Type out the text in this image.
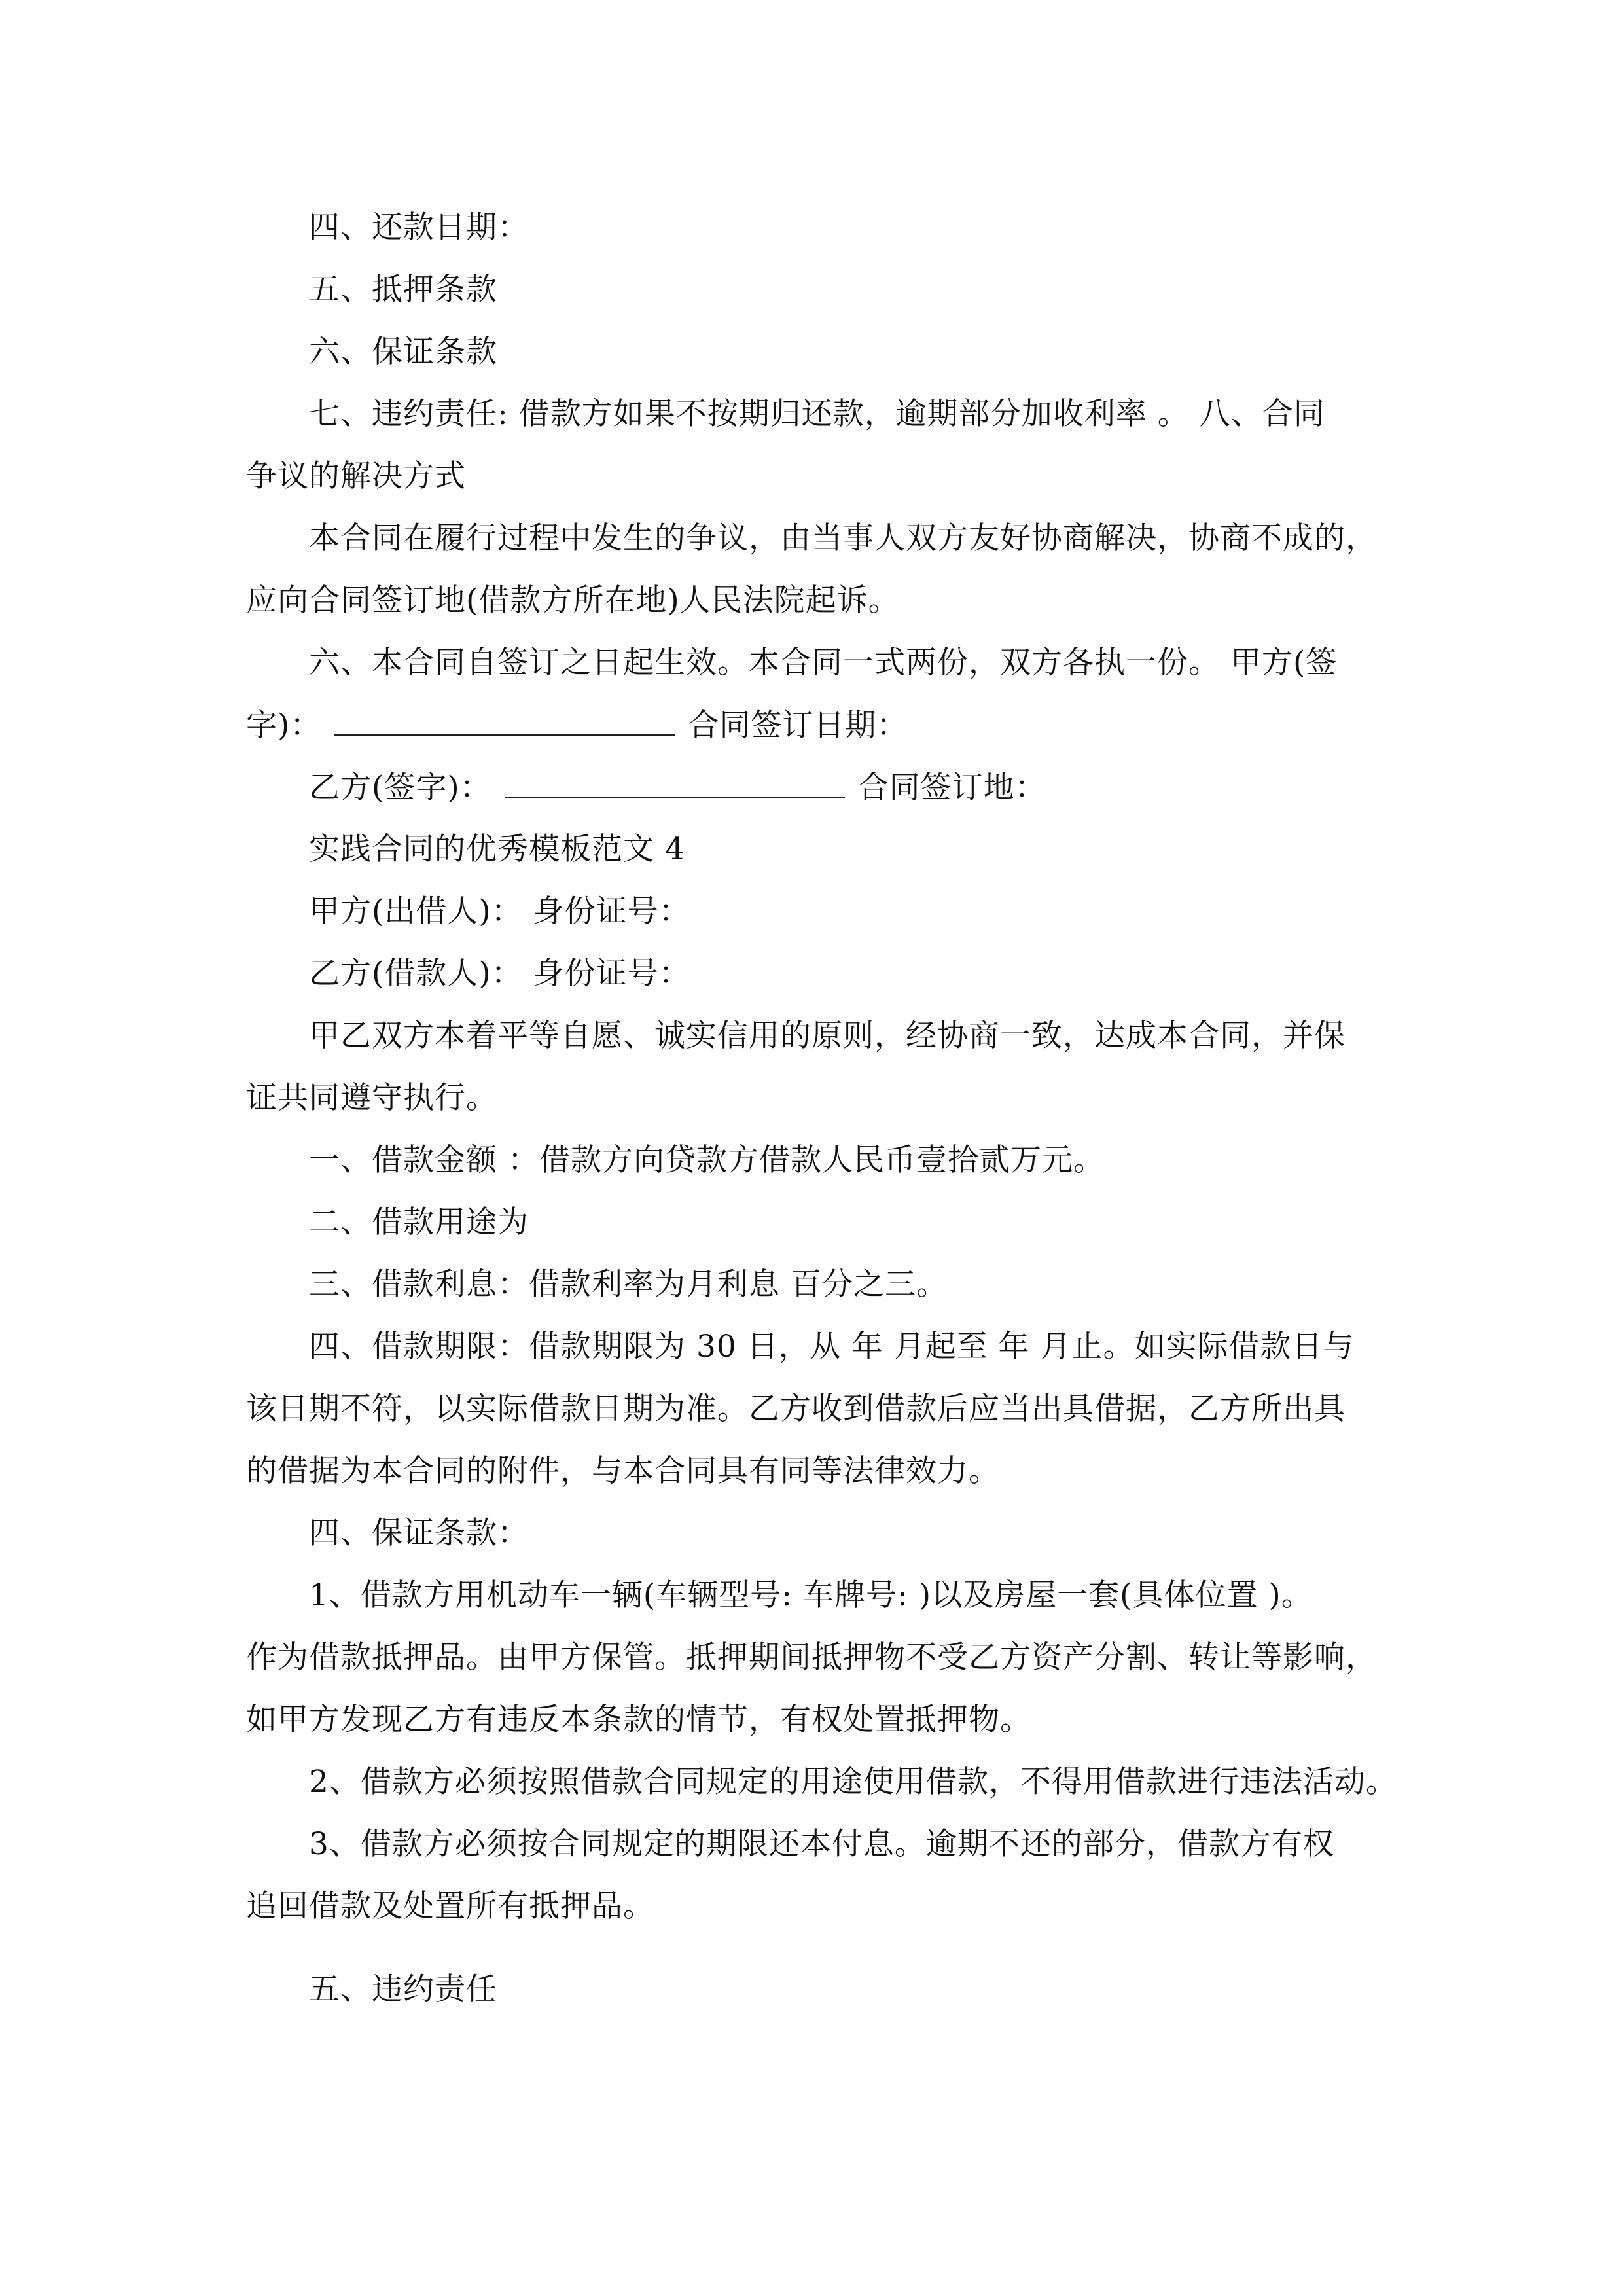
四、还款日期：
五、抵押条款
六、保证条款
七、违约责任: 借款方如果不按期归还款，逾期部分加收利率 。 八、合同
争议的解决方式
本合同在履行过程中发生的争议，由当事人双方友好协商解决，协商不成的，
应向合同签订地(借款方所在地)人民法院起诉。
六、本合同自签订之日起生效。本合同一式两份，双方各执一份。 甲方(签
字)：	合同签订日期：
乙方(签字)：	合同签订地：
实践合同的优秀模板范文 4
甲方(出借人)： 身份证号：
乙方(借款人)： 身份证号：
甲乙双方本着平等自愿、诚实信用的原则，经协商一致，达成本合同，并保
证共同遵守执行。
一、借款金额 ：借款方向贷款方借款人民币壹拾贰万元。
二、借款用途为
三、借款利息：借款利率为月利息 百分之三。
四、借款期限：借款期限为 30 日，从 年 月起至 年 月止。如实际借款日与
该日期不符，以实际借款日期为准。乙方收到借款后应当出具借据，乙方所出具
的借据为本合同的附件，与本合同具有同等法律效力。
四、保证条款：
1、借款方用机动车一辆(车辆型号: 车牌号: )以及房屋一套(具体位置 )。
作为借款抵押品。由甲方保管。抵押期间抵押物不受乙方资产分割、转让等影响，
如甲方发现乙方有违反本条款的情节，有权处置抵押物。
2、借款方必须按照借款合同规定的用途使用借款，不得用借款进行违法活动。
3、借款方必须按合同规定的期限还本付息。逾期不还的部分，借款方有权
追回借款及处置所有抵押品。
五、违约责任
